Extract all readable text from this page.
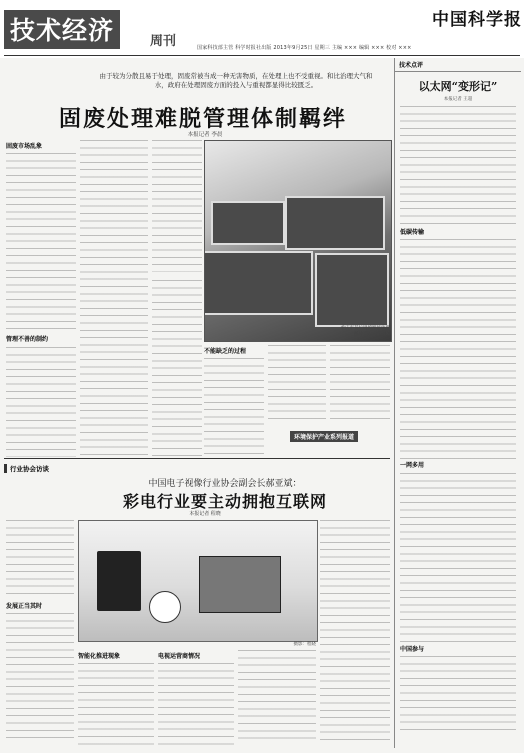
技术经济	周刊
中国科学报
国家科技部主管 科学时报社出版 2013年9月25日 星期三 主编 ××× 编辑 ××× 校对 ×××
由于较为分散且易于处理，固废常被当成一种无害物质，在处理上也不受重视。和比治理大气和水，政府在处理固废方面的投入与重视都显得比较匮乏。
固废处理难脱管理体制羁绊
本报记者 李晨
固废市场乱象
管理不善的制约
重庆市某垃圾填埋场处理 图片来源：东方IC
不能缺乏的过程
环境保护产业系列报道
行业协会访谈
中国电子视像行业协会副会长郝亚斌：
彩电行业要主动拥抱互联网
本报记者 程晓
发展正当其时
摄影：程晓
智能化推进现象	电视运营商情况
技术点评
以太网“变形记”
本报记者 王超
低碳传输
一网多用
中国参与
